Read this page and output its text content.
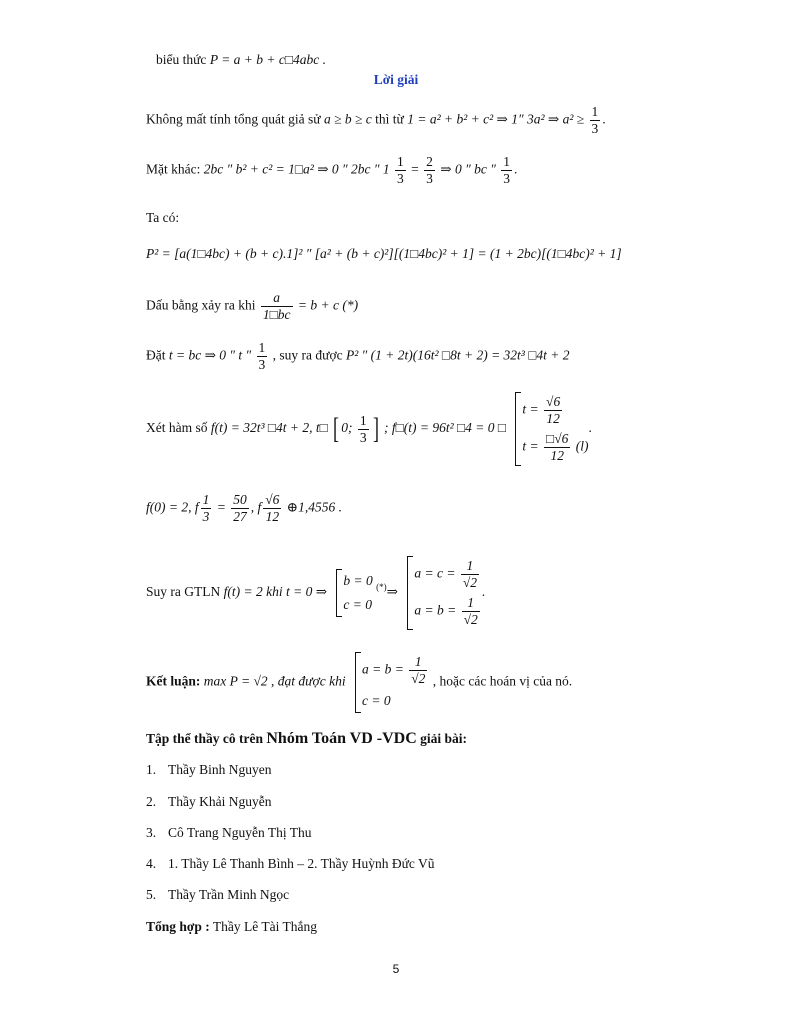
biểu thức P = a + b + c□4abc .
Lời giải
Không mất tính tổng quát giả sử a ≥ b ≥ c thì từ 1 = a² + b² + c² ⇒ 1″ 3a² ⇒ $a^2 \ge \frac{1}{3}$ .
Mặt khác: 2bc ″ b² + c² = 1□a² ⇒ 0 ″ 2bc ″ $1 \frac{1}{3} = \frac{2}{3}$ ⇒ 0 ″ bc ″ $\frac{1}{3}$ .
Ta có:
P² = [a(1□4bc) + (b + c).1]² ″ [a² + (b + c)²][(1□4bc)² + 1] = (1 + 2bc)[(1□4bc)² + 1]
Dấu bằng xảy ra khi $\frac{a}{1□bc} = b + c$ (*)
Đặt t = bc ⇒ 0 ″ t ″ $\frac{1}{3}$ , suy ra được P² ″ (1 + 2t)(16t² □8t + 2) = 32t³ □4t + 2
Xét hàm số f(t) = 32t³ □4t + 2, t□ [ 0; $\frac{1}{3}$ ] ; f□(t) = 96t² □4 = 0 □
$t = \frac{√6}{12}$
$t = \frac{□√6}{12} (l)$
.
f(0) = 2, f $\frac{1}{3} = \frac{50}{27}$ , f $\frac{√6}{12}$ ⊕1,4556 .
Suy ra GTLN f(t) = 2 khi t = 0 ⇒
b = 0
c = 0
(*)⇒
$a = c = \frac{1}{√2}$
$a = b = \frac{1}{√2}$
.
Kết luận: max P = √2 , đạt được khi
$a = b = \frac{1}{√2}$
c = 0
, hoặc các hoán vị của nó.
Tập thể thầy cô trên Nhóm Toán VD -VDC giải bài:
1. Thầy Binh Nguyen
2. Thầy Khải Nguyễn
3. Cô Trang Nguyễn Thị Thu
4. 1. Thầy Lê Thanh Bình – 2. Thầy Huỳnh Đức Vũ
5. Thầy Trần Minh Ngọc
Tổng hợp : Thầy Lê Tài Thắng
5
